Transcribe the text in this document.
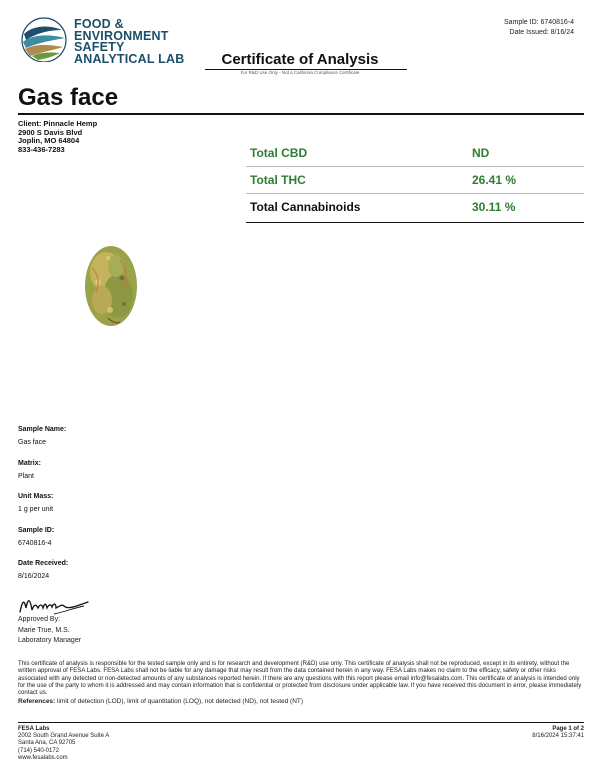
FOOD &
ENVIRONMENT
SAFETY
ANALYTICAL LAB
Sample ID: 6740816-4
Date Issued: 8/16/24
Certificate of Analysis
For R&D Use Only - Not a California Compliance Certificate
Gas face
Client: Pinnacle Hemp
2900 S Davis Blvd
Joplin, MO 64804
833-436-7283	Total CBD	ND
Total THC	26.41 %
Total Cannabinoids	30.11 %
Sample Name:
Gas face
Matrix:
Plant
Unit Mass:
1 g per unit
Sample ID:
6740816-4
Date Received:
8/16/2024
Approved By:
Marie True, M.S.
Laboratory Manager
This certificate of analysis is responsible for the tested sample only and is for research and development (R&D) use only. This certificate of analysis shall not be reproduced, except in its entirety, without the written approval of FESA Labs. FESA Labs shall not be liable for any damage that may result from the data contained herein in any way. FESA Labs makes no claim to the efficacy, safety or other risks associated with any detected or non-detected amounts of any substances reported herein. If there are any questions with this report please email info@fesalabs.com. This certificate of analysis is intended only for the use of the party to whom it is addressed and may contain information that is confidential or protected from disclosure under applicable law. If you have received this document in error, please immediately contact us.
References: limit of detection (LOD), limit of quantitation (LOQ), not detected (ND), not tested (NT)
FESA Labs
2002 South Grand Avenue Suite A
Santa Ana, CA 92705
(714) 540-0172
www.fesalabs.com
Page 1 of 2
8/16/2024 15:37:41
